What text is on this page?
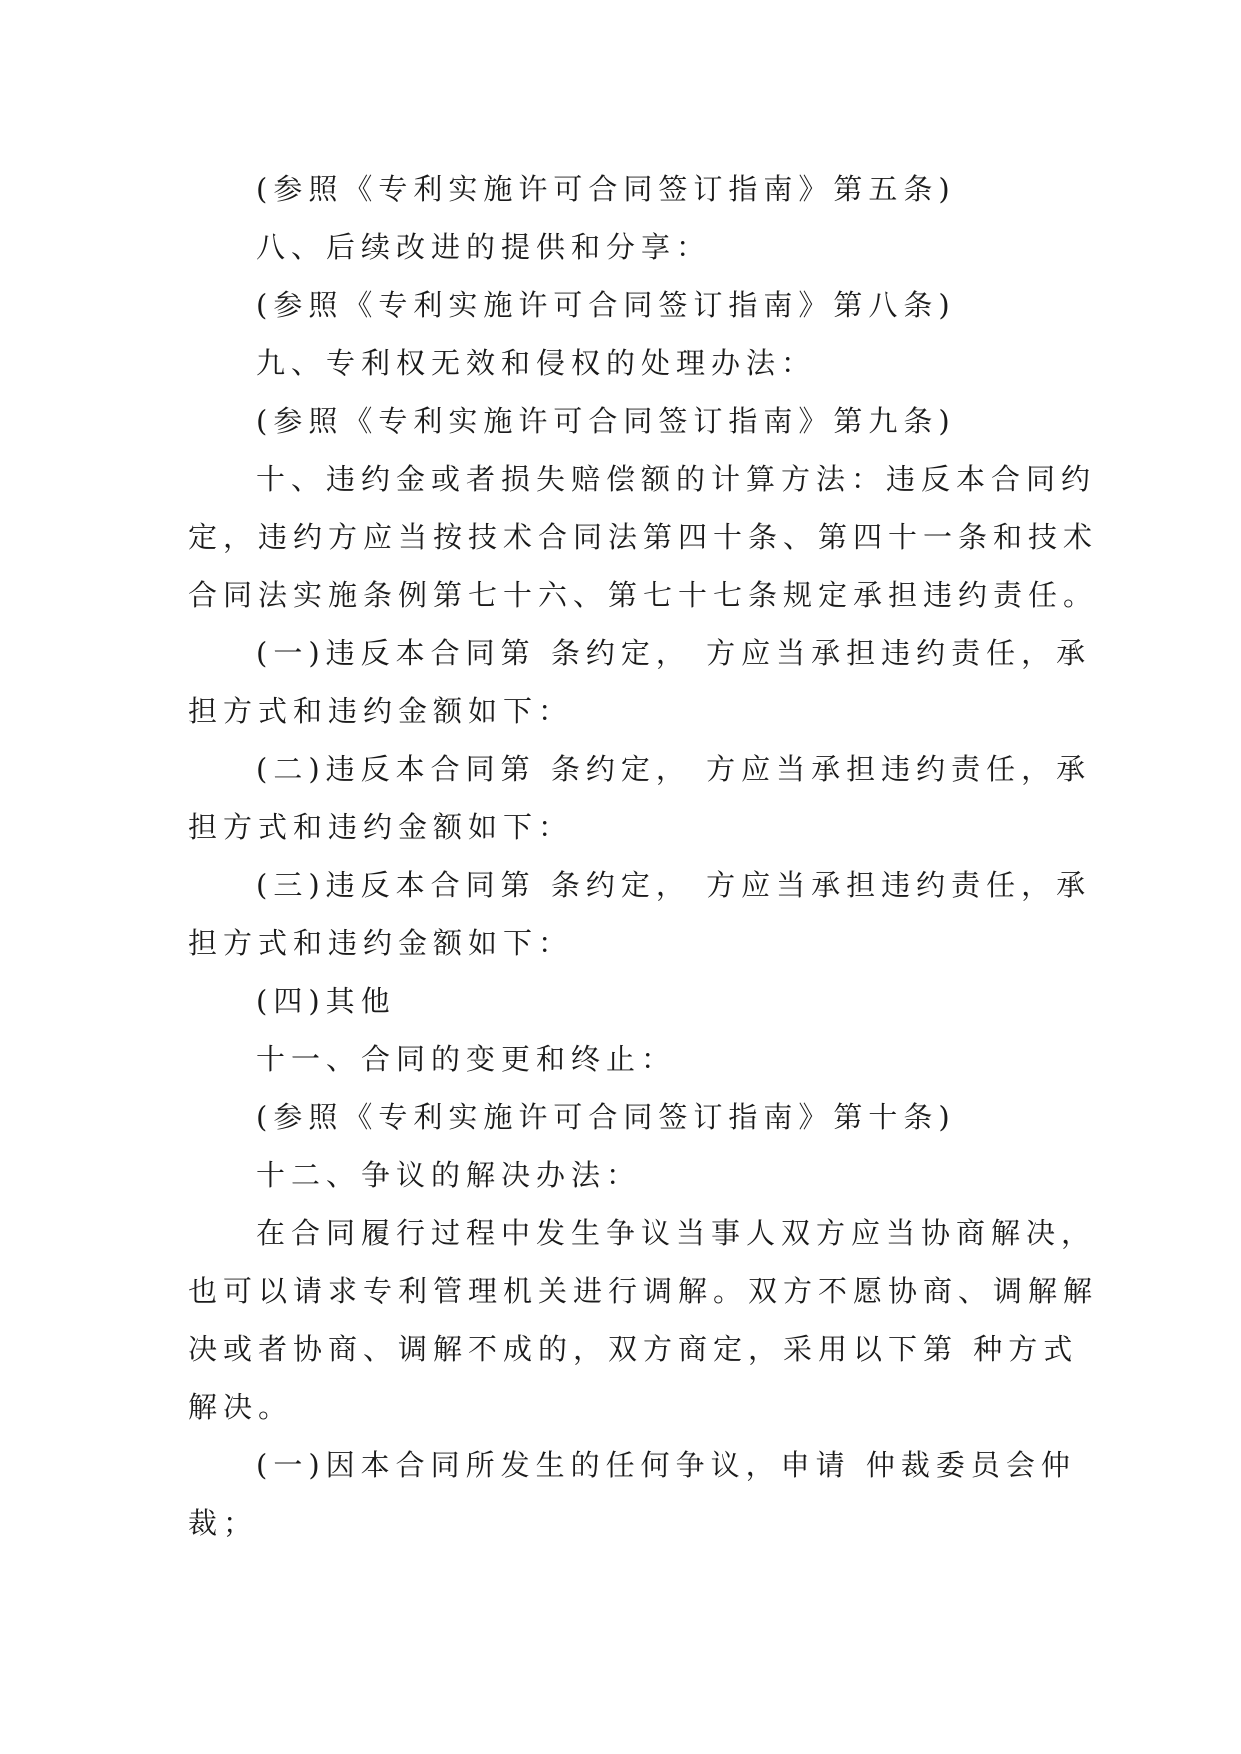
(参照《专利实施许可合同签订指南》第五条)
八、后续改进的提供和分享：
(参照《专利实施许可合同签订指南》第八条)
九、专利权无效和侵权的处理办法：
(参照《专利实施许可合同签订指南》第九条)
十、违约金或者损失赔偿额的计算方法：违反本合同约
定，违约方应当按技术合同法第四十条、第四十一条和技术
合同法实施条例第七十六、第七十七条规定承担违约责任。
(一)违反本合同第 条约定， 方应当承担违约责任，承
担方式和违约金额如下：
(二)违反本合同第 条约定， 方应当承担违约责任，承
担方式和违约金额如下：
(三)违反本合同第 条约定， 方应当承担违约责任，承
担方式和违约金额如下：
(四)其他
十一、合同的变更和终止：
(参照《专利实施许可合同签订指南》第十条)
十二、争议的解决办法：
在合同履行过程中发生争议当事人双方应当协商解决，
也可以请求专利管理机关进行调解。双方不愿协商、调解解
决或者协商、调解不成的，双方商定，采用以下第 种方式
解决。
(一)因本合同所发生的任何争议，申请 仲裁委员会仲
裁；
